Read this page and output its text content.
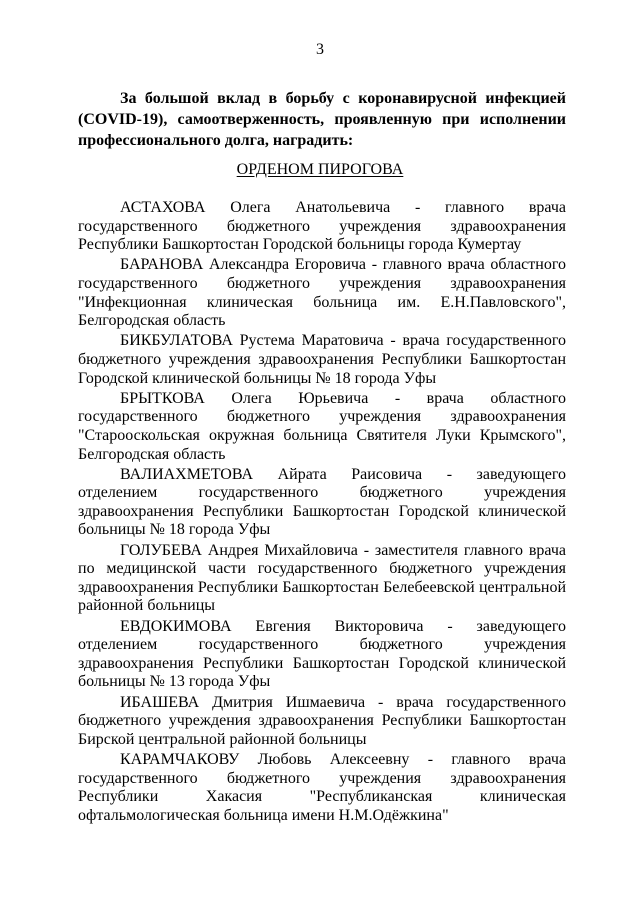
3

За большой вклад в борьбу с коронавирусной инфекцией (COVID-19), самоотверженность, проявленную при исполнении профессионального долга, наградить:

ОРДЕНОМ ПИРОГОВА
АСТАХОВА Олега Анатольевича - главного врача государственного бюджетного учреждения здравоохранения Республики Башкортостан Городской больницы города Кумертау
БАРАНОВА Александра Егоровича - главного врача областного государственного бюджетного учреждения здравоохранения "Инфекционная клиническая больница им. Е.Н.Павловского", Белгородская область
БИКБУЛАТОВА Рустема Маратовича - врача государственного бюджетного учреждения здравоохранения Республики Башкортостан Городской клинической больницы № 18 города Уфы
БРЫТКОВА Олега Юрьевича - врача областного государственного бюджетного учреждения здравоохранения "Старооскольская окружная больница Святителя Луки Крымского", Белгородская область
ВАЛИАХМЕТОВА Айрата Раисовича - заведующего отделением государственного бюджетного учреждения здравоохранения Республики Башкортостан Городской клинической больницы № 18 города Уфы
ГОЛУБЕВА Андрея Михайловича - заместителя главного врача по медицинской части государственного бюджетного учреждения здравоохранения Республики Башкортостан Белебеевской центральной районной больницы
ЕВДОКИМОВА Евгения Викторовича - заведующего отделением государственного бюджетного учреждения здравоохранения Республики Башкортостан Городской клинической больницы № 13 города Уфы
ИБАШЕВА Дмитрия Ишмаевича - врача государственного бюджетного учреждения здравоохранения Республики Башкортостан Бирской центральной районной больницы
КАРАМЧАКОВУ Любовь Алексеевну - главного врача государственного бюджетного учреждения здравоохранения Республики Хакасия "Республиканская клиническая офтальмологическая больница имени Н.М.Одёжкина"
